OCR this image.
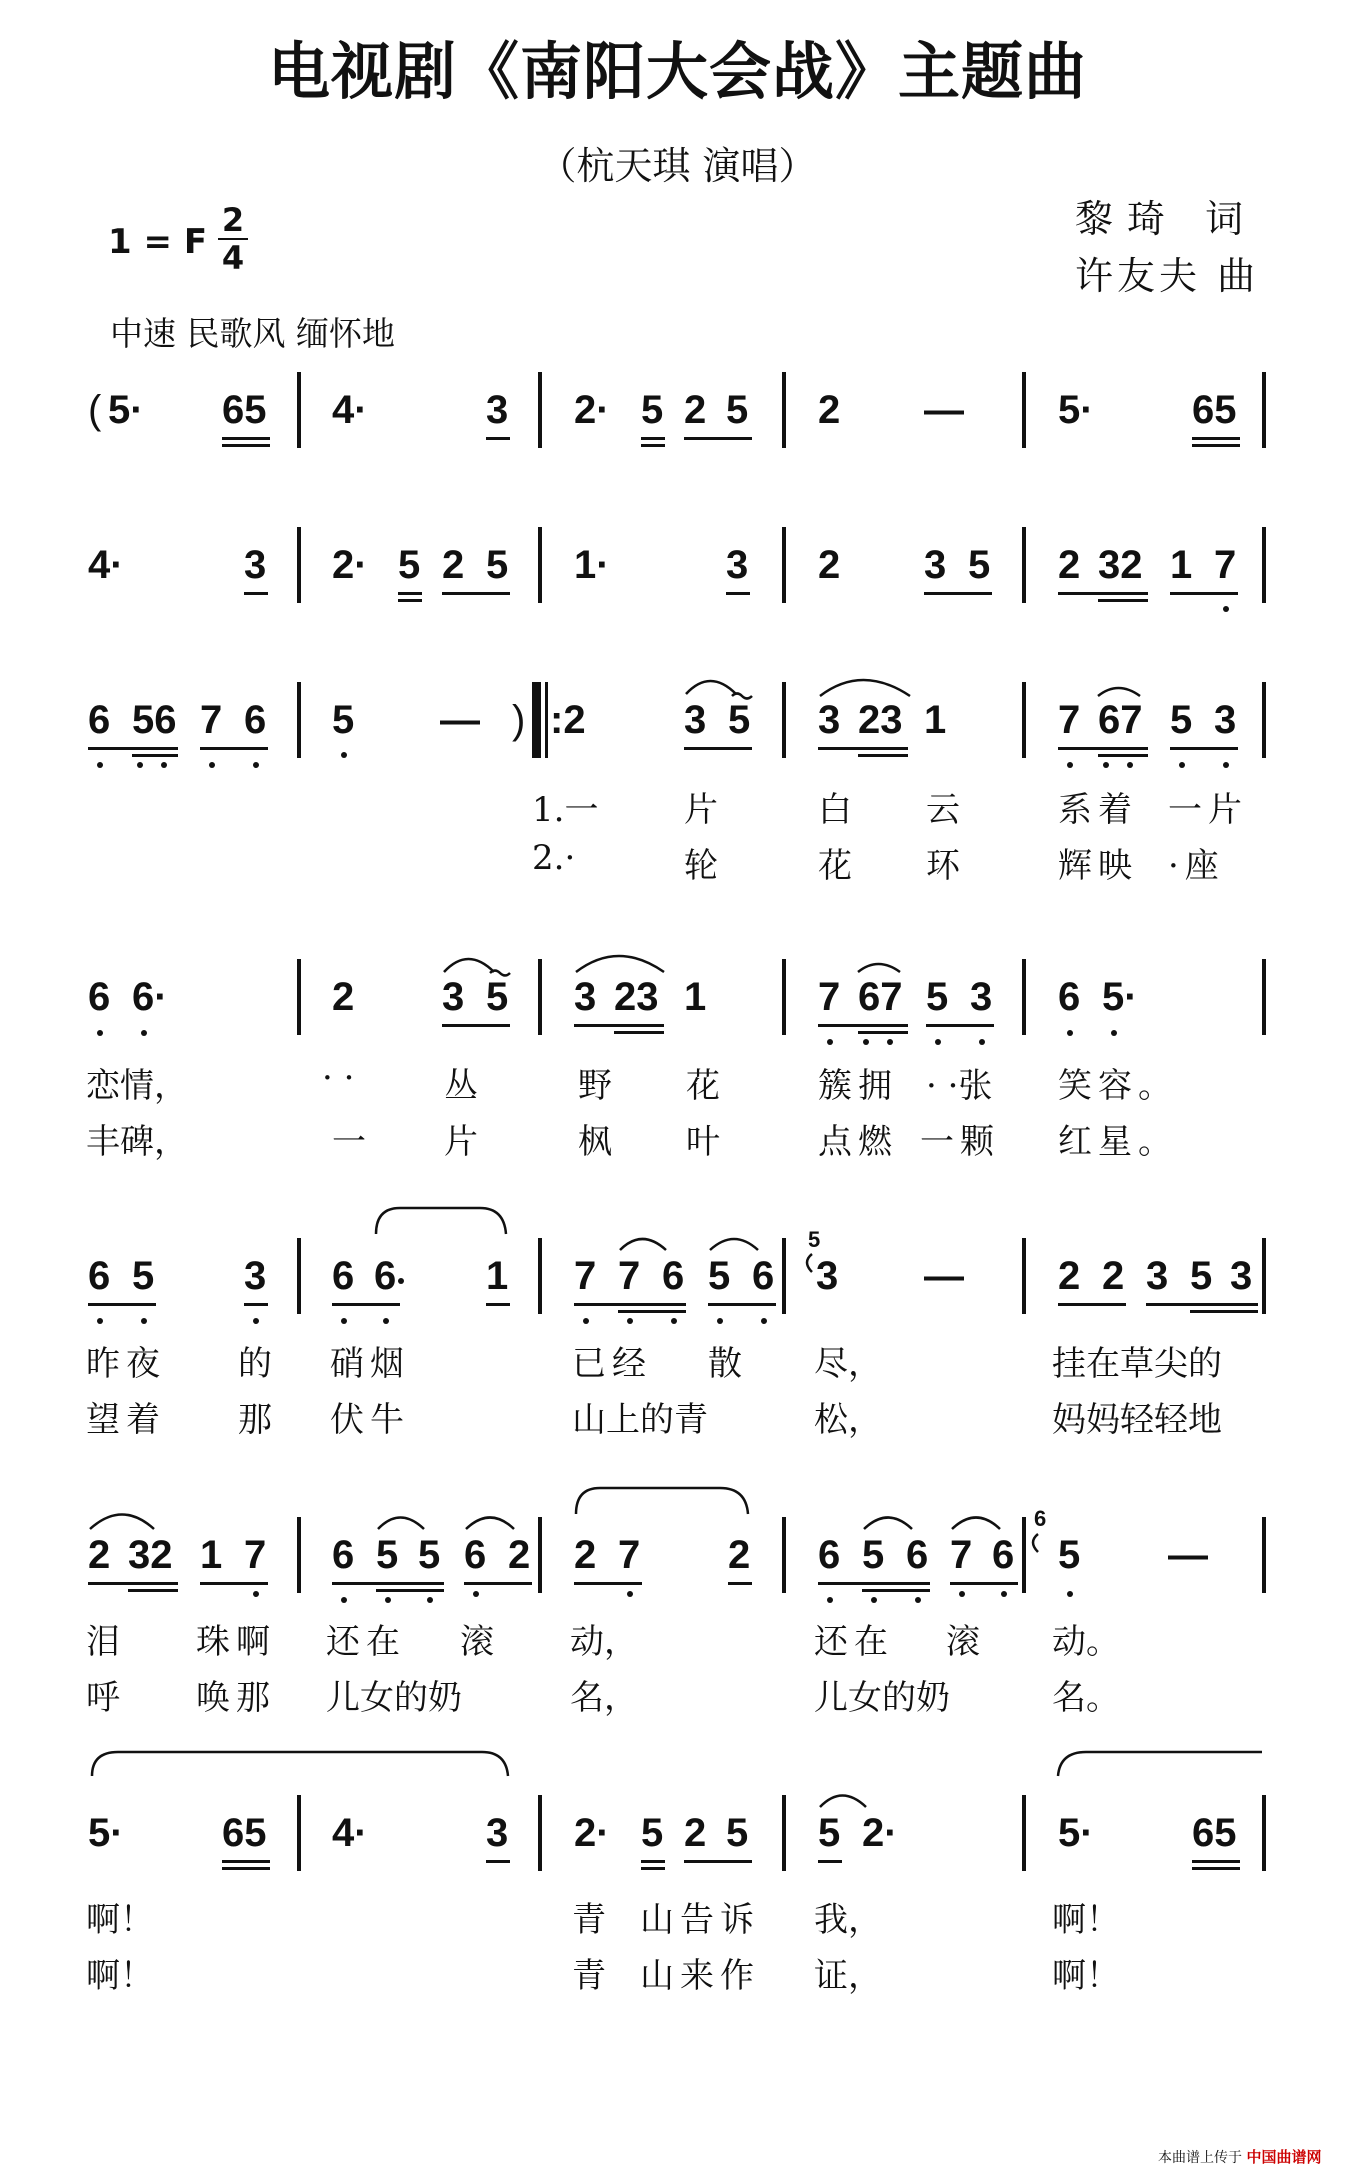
电视剧《南阳大会战》主题曲
（杭天琪 演唱）
黎琦 词
许友夫 曲
1 = F
2
4
中速 民歌风 缅怀地
( 5· 65 4·	3 2· 5 2 5 2 — 5· 65
4·	3 2· 5 2 5 1·	3 2 3 5 2 32 1 7
6 56 7 6 5 — ) :2 3 5 3 23 1	7 67 5 3
1.一	片	白 云	系着 一片
2.·	轮	花 环	辉映 ·座
6 6·	2 3 5 3 23 1	7 67 5 3 6 5·
恋情，	· ·	丛	野 花	簇拥 · ·张 笑容。
丰碑，	一 片	枫 叶	点燃 一颗 红星。
6 5 3 6 6 1 7 7 6 5 6
5
3 — 2 2 3 5 3
昨夜 的 硝烟	已经 散 尽，	挂在草尖的
望着 那 伏牛	山上的青	松，	妈妈轻轻地
2 32 1 7 6 5 5 6 2 2 7 2 6 5 6 7 6
6
5 —
泪 珠啊 还在 滚 动，	还在 滚 动。
呼 唤那 儿女的奶	名，	儿女的奶	名。
5· 65 4·	3 2· 5 2 5 5 2·	5· 65
啊！	青 山告诉 我，	啊！
啊！	青 山来作 证，	啊！
本曲谱上传于 中国曲谱网
